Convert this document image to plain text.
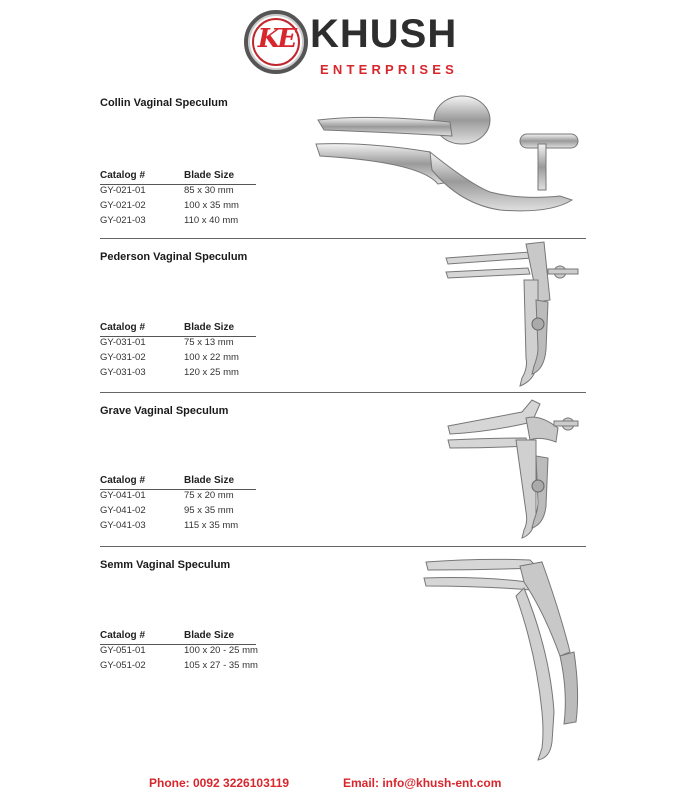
KE KHUSH
ENTERPRISES
Collin Vaginal Speculum
Catalog #	Blade Size
GY-021-01	85 x 30 mm
GY-021-02	100 x 35 mm
GY-021-03	110 x 40 mm
Pederson Vaginal Speculum
Catalog #	Blade Size
GY-031-01	75 x 13 mm
GY-031-02	100 x 22 mm
GY-031-03	120 x 25 mm
Grave Vaginal Speculum
Catalog #	Blade Size
GY-041-01	75 x 20 mm
GY-041-02	95 x 35 mm
GY-041-03	115 x 35 mm
Semm Vaginal Speculum
Catalog #	Blade Size
GY-051-01	100 x 20 - 25 mm
GY-051-02	105 x 27 - 35 mm
Phone: 0092 3226103119	Email: info@khush-ent.com
